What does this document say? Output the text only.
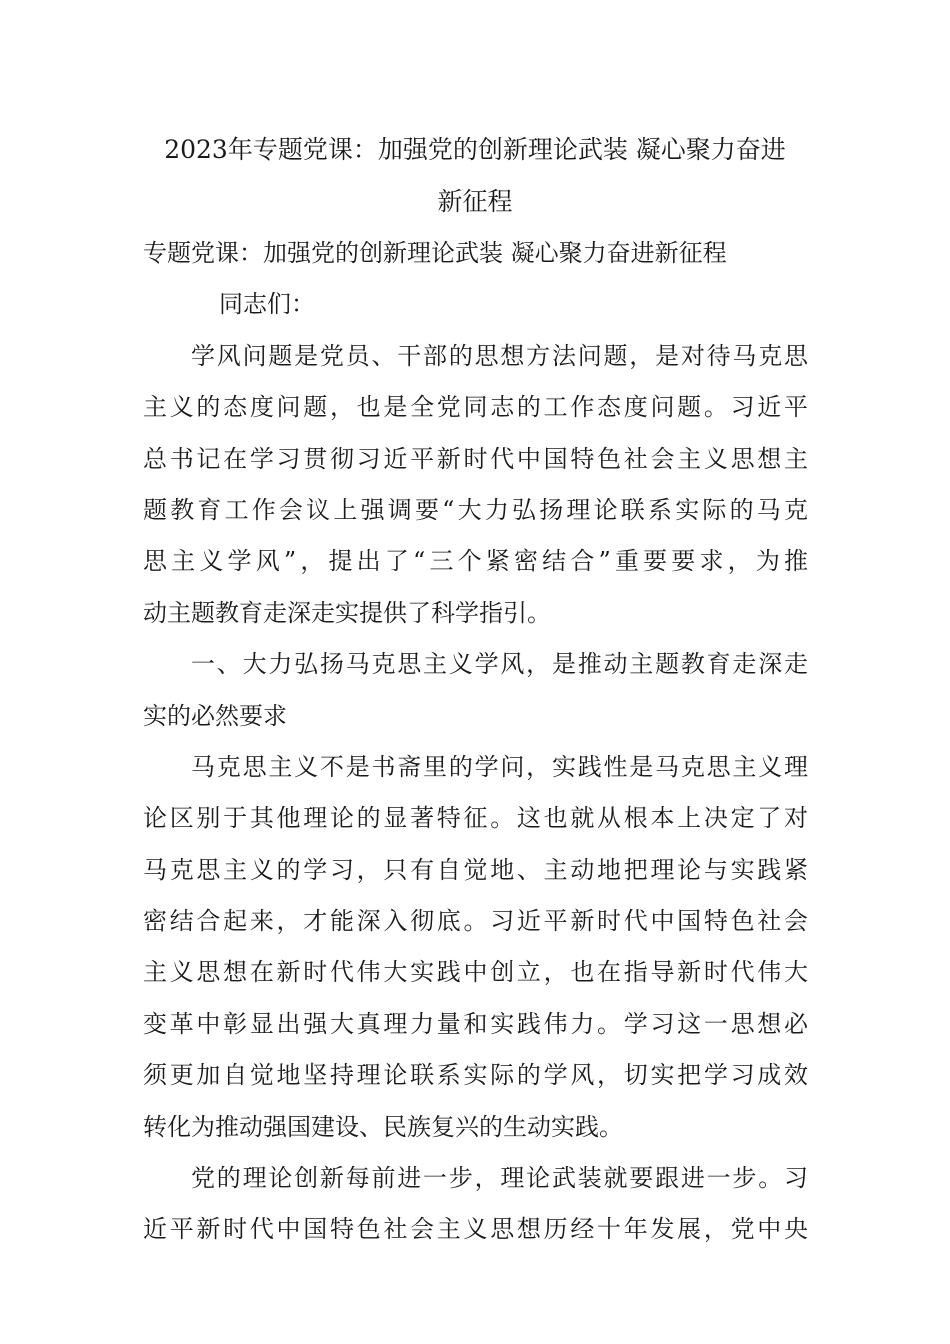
2023年专题党课：加强党的创新理论武装 凝心聚力奋进
新征程
专题党课：加强党的创新理论武装 凝心聚力奋进新征程
同志们：
学风问题是党员、干部的思想方法问题，是对待马克思
主义的态度问题，也是全党同志的工作态度问题。习近平
总书记在学习贯彻习近平新时代中国特色社会主义思想主
题教育工作会议上强调要“大力弘扬理论联系实际的马克
思主义学风”，提出了“三个紧密结合”重要要求，为推
动主题教育走深走实提供了科学指引。
一、大力弘扬马克思主义学风，是推动主题教育走深走
实的必然要求
马克思主义不是书斋里的学问，实践性是马克思主义理
论区别于其他理论的显著特征。这也就从根本上决定了对
马克思主义的学习，只有自觉地、主动地把理论与实践紧
密结合起来，才能深入彻底。习近平新时代中国特色社会
主义思想在新时代伟大实践中创立，也在指导新时代伟大
变革中彰显出强大真理力量和实践伟力。学习这一思想必
须更加自觉地坚持理论联系实际的学风，切实把学习成效
转化为推动强国建设、民族复兴的生动实践。
党的理论创新每前进一步，理论武装就要跟进一步。习
近平新时代中国特色社会主义思想历经十年发展，党中央
